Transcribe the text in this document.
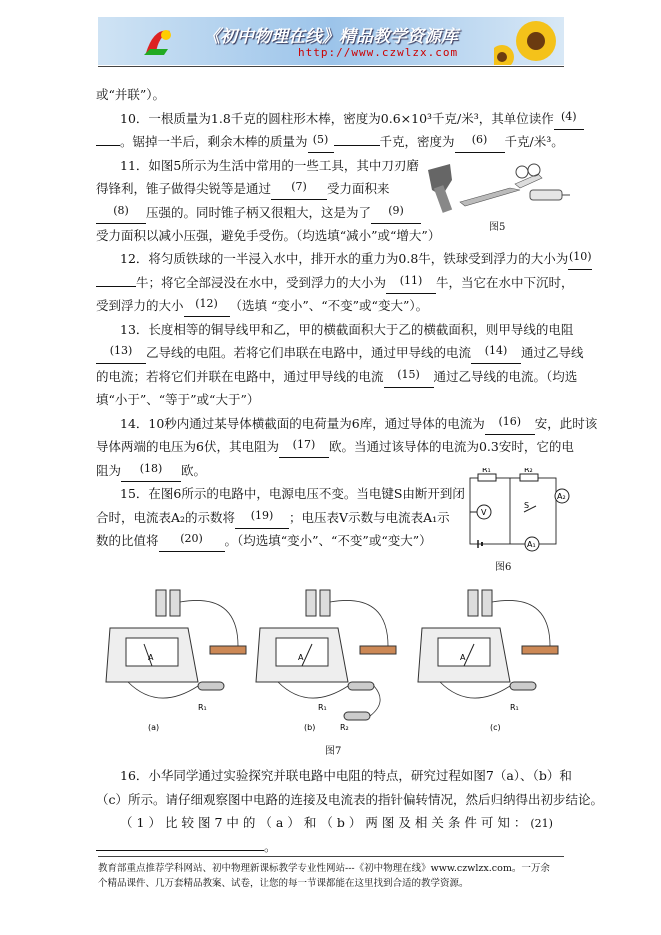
《初中物理在线》精品教学资源库
http://www.czwlzx.com
或“并联”）。
10．一根质量为1.8千克的圆柱形木棒，密度为0.6×10³千克/米³，其单位读作 (4)
。锯掉一半后，剩余木棒的质量为 (5)	千克，密度为 (6) 千克/米³。
11．如图5所示为生活中常用的一些工具，其中刀刃磨
得锋利，锥子做得尖锐等是通过 (7) 受力面积来
(8) 压强的。同时锥子柄又很粗大，这是为了 (9)
受力面积以减小压强，避免手受伤。（均选填“减小”或“增大”）
图5
12．将匀质铁球的一半浸入水中，排开水的重力为0.8牛，铁球受到浮力的大小为(10)
牛；将它全部浸没在水中，受到浮力的大小为 (11) 牛，当它在水中下沉时，
受到浮力的大小 (12) （选填 “变小”、“不变”或“变大”）。
13．长度相等的铜导线甲和乙，甲的横截面积大于乙的横截面积，则甲导线的电阻
(13) 乙导线的电阻。若将它们串联在电路中，通过甲导线的电流 (14) 通过乙导线
的电流；若将它们并联在电路中，通过甲导线的电流 (15) 通过乙导线的电流。（均选
填“小于”、“等于”或“大于”）
14．10秒内通过某导体横截面的电荷量为6库，通过导体的电流为 (16) 安，此时该
导体两端的电压为6伏，其电阻为 (17) 欧。当通过该导体的电流为0.3安时，它的电
阻为 (18) 欧。
15．在图6所示的电路中，电源电压不变。当电键S由断开到闭
合时，电流表A₂的示数将 (19) ；电压表V示数与电流表A₁示
数的比值将 (20) 。（均选填“变小”、“不变”或“变大”）
R₁	R₂
V
A₂
S
A₁
图6
A
R₁
(a)
A
R₁
R₂
(b)
A
R₁
(c)
图7
16．小华同学通过实验探究并联电路中电阻的特点，研究过程如图7（a）、（b）和
（c）所示。请仔细观察图中电路的连接及电流表的指针偏转情况，然后归纳得出初步结论。
（1）比较图7中的（a）和（b）两图及相关条件可知：(21)
。
教育部重点推荐学科网站、初中物理新课标教学专业性网站---《初中物理在线》www.czwlzx.com。一万余
个精品课件、几万套精品教案、试卷，让您的每一节课都能在这里找到合适的教学资源。
